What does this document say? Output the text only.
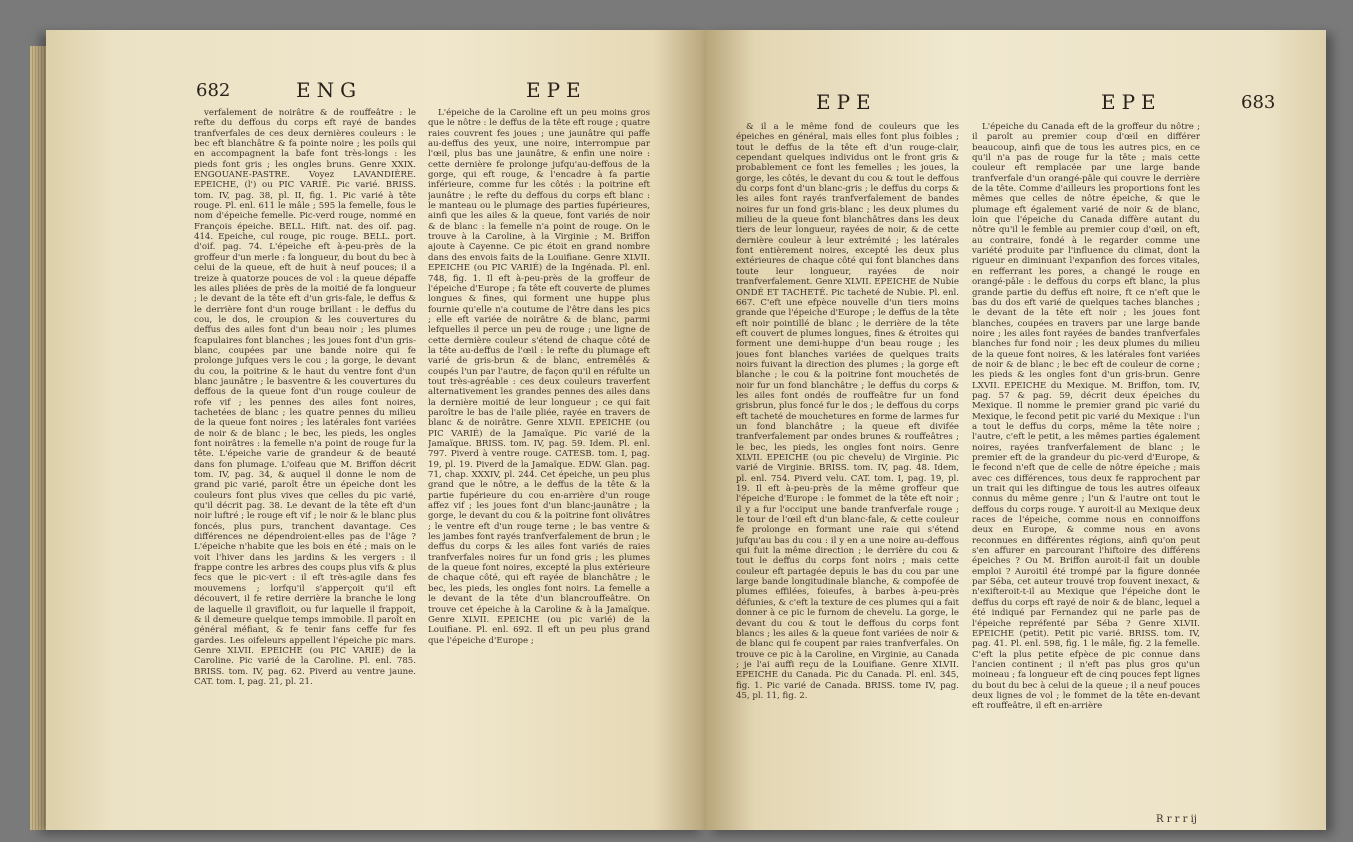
682	ENG	EPE

verfalement de noirâtre & de rouffeâtre : le refte du deffous du corps eft rayé de bandes tranfverfales de ces deux dernières couleurs : le bec eft blanchâtre & fa pointe noire ; les poils qui en accompagnent la bafe font très-longs : les pieds font gris ; les ongles bruns. Genre XXIX. ENGOUANE-PASTRE. Voyez LAVANDIÈRE. EPEICHE, (l') ou PIC VARIÉ. Pic varié. BRISS. tom. IV, pag. 38, pl. II, fig. 1. Pic varié à tête rouge. Pl. enl. 611 le mâle ; 595 la femelle, fous le nom d'épeiche femelle. Pic-verd rouge, nommé en François épeiche. BELL. Hift. nat. des oif. pag. 414. Epeiche, cul rouge, pic rouge. BELL. port. d'oif. pag. 74. L'épeiche eft à-peu-près de la groffeur d'un merle : fa longueur, du bout du bec à celui de la queue, eft de huit à neuf pouces; il a treize à quatorze pouces de vol : la queue dépaffe les ailes pliées de près de la moitié de fa longueur ; le devant de la tête eft d'un gris-fale, le deffus & le derrière font d'un rouge brillant : le deffus du cou, le dos, le croupion & les couvertures du deffus des ailes font d'un beau noir ; les plumes fcapulaires font blanches ; les joues font d'un gris-blanc, coupées par une bande noire qui fe prolonge jufques vers le cou ; la gorge, le devant du cou, la poitrine & le haut du ventre font d'un blanc jaunâtre ; le basventre & les couvertures du deffous de la queue font d'un rouge couleur de rofe vif ; les pennes des ailes font noires, tachetées de blanc ; les quatre pennes du milieu de la queue font noires ; les latérales font variées de noir & de blanc ; le bec, les pieds, les ongles font noirâtres : la femelle n'a point de rouge fur la tête. L'épeiche varie de grandeur & de beauté dans fon plumage. L'oifeau que M. Briffon décrit tom. IV, pag. 34, & auquel il donne le nom de grand pic varié, paroît être un épeiche dont les couleurs font plus vives que celles du pic varié, qu'il décrit pag. 38. Le devant de la tête eft d'un noir luftré ; le rouge eft vif ; le noir & le blanc plus foncés, plus purs, tranchent davantage. Ces différences ne dépendroient-elles pas de l'âge ? L'épeiche n'habite que les bois en été ; mais on le voit l'hiver dans les jardins & les vergers : il frappe contre les arbres des coups plus vifs & plus fecs que le pic-vert : il eft très-agile dans fes mouvemens ; lorfqu'il s'apperçoit qu'il eft découvert, il fe retire derrière la branche le long de laquelle il gravifloit, ou fur laquelle il frappoit, & il demeure quelque temps immobile. Il paroît en général méfiant, & fe tenir fans ceffe fur fes gardes. Les oifeleurs appellent l'épeiche pic mars. Genre XLVII. EPEICHE (ou PIC VARIÉ) de la Caroline. Pic varié de la Caroline. Pl. enl. 785. BRISS. tom. IV, pag. 62. Piverd au ventre jaune. CAT. tom. I, pag. 21, pl. 21.

L'épeiche de la Caroline eft un peu moins gros que le nôtre : le deffus de la tête eft rouge ; quatre raies couvrent fes joues ; une jaunâtre qui paffe au-deffus des yeux, une noire, interrompue par l'œil, plus bas une jaunâtre, & enfin une noire : cette dernière fe prolonge jufqu'au-deffous de la gorge, qui eft rouge, & l'encadre à fa partie inférieure, comme fur les côtés : la poitrine eft jaunâtre ; le refte du deffous du corps eft blanc : le manteau ou le plumage des parties fupérieures, ainfi que les ailes & la queue, font variés de noir & de blanc : la femelle n'a point de rouge. On le trouve à la Caroline, à la Virginie ; M. Briffon ajoute à Cayenne. Ce pic étoit en grand nombre dans des envois faits de la Louifiane. Genre XLVII. EPEICHE (ou PIC VARIÉ) de la Ingénada. Pl. enl. 748, fig. 1. Il eft à-peu-près de la groffeur de l'épeiche d'Europe ; fa tête eft couverte de plumes longues & fines, qui forment une huppe plus fournie qu'elle n'a coutume de l'être dans les pics ; elle eft variée de noirâtre & de blanc, parmi lefquelles il perce un peu de rouge ; une ligne de cette dernière couleur s'étend de chaque côté de la tête au-deffus de l'œil : le refte du plumage eft varié de gris-brun & de blanc, entremêlés & coupés l'un par l'autre, de façon qu'il en réfulte un tout très-agréable : ces deux couleurs traverfent alternativement les grandes pennes des ailes dans la dernière moitié de leur longueur ; ce qui fait paroître le bas de l'aile pliée, rayée en travers de blanc & de noirâtre. Genre XLVII. EPEICHE (ou PIC VARIÉ) de la Jamaïque. Pic varié de la Jamaïque. BRISS. tom. IV, pag. 59. Idem. Pl. enl. 797. Piverd à ventre rouge. CATESB. tom. I, pag. 19, pl. 19. Piverd de la Jamaïque. EDW. Glan. pag. 71, chap. XXXIV, pl. 244. Cet épeiche, un peu plus grand que le nôtre, a le deffus de la tête & la partie fupérieure du cou en-arrière d'un rouge affez vif ; les joues font d'un blanc-jaunâtre ; la gorge, le devant du cou & la poitrine font olivâtres ; le ventre eft d'un rouge terne ; le bas ventre & les jambes font rayés tranfverfalement de brun ; le deffus du corps & les ailes font variés de raies tranfverfales noires fur un fond gris ; les plumes de la queue font noires, excepté la plus extérieure de chaque côté, qui eft rayée de blanchâtre ; le bec, les pieds, les ongles font noirs. La femelle a le devant de la tête d'un blancrouffeâtre. On trouve cet épeiche à la Caroline & à la Jamaïque. Genre XLVII. EPEICHE (ou pic varié) de la Louifiane. Pl. enl. 692. Il eft un peu plus grand que l'épeiche d'Europe ;

EPE	EPE	683

& il a le même fond de couleurs que les épeiches en général, mais elles font plus foibles ; tout le deffus de la tête eft d'un rouge-clair, cependant quelques individus ont le front gris & probablement ce font les femelles ; les joues, la gorge, les côtés, le devant du cou & tout le deffous du corps font d'un blanc-gris ; le deffus du corps & les ailes font rayés tranfverfalement de bandes noires fur un fond gris-blanc ; les deux plumes du milieu de la queue font blanchâtres dans les deux tiers de leur longueur, rayées de noir, & de cette dernière couleur à leur extrémité ; les latérales font entièrement noires, excepté les deux plus extérieures de chaque côté qui font blanches dans toute leur longueur, rayées de noir tranfverfalement. Genre XLVII. EPEICHE de Nubie ONDÉ ET TACHETÉ. Pic tacheté de Nubie. Pl. enl. 667. C'eft une efpèce nouvelle d'un tiers moins grande que l'épeiche d'Europe ; le deffus de la tête eft noir pointillé de blanc ; le derrière de la tête eft couvert de plumes longues, fines & étroites qui forment une demi-huppe d'un beau rouge ; les joues font blanches variées de quelques traits noirs fuivant la direction des plumes ; la gorge eft blanche ; le cou & la poitrine font mouchetés de noir fur un fond blanchâtre ; le deffus du corps & les ailes font ondés de rouffeâtre fur un fond grisbrun, plus foncé fur le dos ; le deffous du corps eft tacheté de mouchetures en forme de larmes fur un fond blanchâtre ; la queue eft divifée tranfverfalement par ondes brunes & rouffeâtres ; le bec, les pieds, les ongles font noirs. Genre XLVII. EPEICHE (ou pic chevelu) de Virginie. Pic varié de Virginie. BRISS. tom. IV, pag. 48. Idem, pl. enl. 754. Piverd velu. CAT. tom. I, pag. 19, pl. 19. Il eft à-peu-près de la même groffeur que l'épeiche d'Europe : le fommet de la tête eft noir ; il y a fur l'occiput une bande tranfverfale rouge ; le tour de l'œil eft d'un blanc-fale, & cette couleur fe prolonge en formant une raie qui s'étend jufqu'au bas du cou : il y en a une noire au-deffous qui fuit la même direction ; le derrière du cou & tout le deffus du corps font noirs ; mais cette couleur eft partagée depuis le bas du cou par une large bande longitudinale blanche, & compofée de plumes effilées, foieufes, à barbes à-peu-près défunies, & c'eft la texture de ces plumes qui a fait donner à ce pic le furnom de chevelu. La gorge, le devant du cou & tout le deffous du corps font blancs ; les ailes & la queue font variées de noir & de blanc qui fe coupent par raies tranfverfales. On trouve ce pic à la Caroline, en Virginie, au Canada ; je l'ai auffi reçu de la Louifiane. Genre XLVII. EPEICHE du Canada. Pic du Canada. Pl. enl. 345, fig. 1. Pic varié de Canada. BRISS. tome IV, pag. 45, pl. 11, fig. 2.

L'épeiche du Canada eft de la groffeur du nôtre ; il paroît au premier coup d'œil en différer beaucoup, ainfi que de tous les autres pics, en ce qu'il n'a pas de rouge fur la tête ; mais cette couleur eft remplacée par une large bande tranfverfale d'un orangé-pâle qui couvre le derrière de la tête. Comme d'ailleurs les proportions font les mêmes que celles de nôtre épeiche, & que le plumage eft également varié de noir & de blanc, loin que l'épeiche du Canada diffère autant du nôtre qu'il le femble au premier coup d'œil, on eft, au contraire, fondé à le regarder comme une variété produite par l'influence du climat, dont la rigueur en diminuant l'expanfion des forces vitales, en refferrant les pores, a changé le rouge en orangé-pâle : le deffous du corps eft blanc, la plus grande partie du deffus eft noire, ft ce n'eft que le bas du dos eft varié de quelques taches blanches ; le devant de la tête eft noir ; les joues font blanches, coupées en travers par une large bande noire ; les ailes font rayées de bandes tranfverfales blanches fur fond noir ; les deux plumes du milieu de la queue font noires, & les latérales font variées de noir & de blanc ; le bec eft de couleur de corne ; les pieds & les ongles font d'un gris-brun. Genre LXVII. EPEICHE du Mexique. M. Briffon, tom. IV, pag. 57 & pag. 59, décrit deux épeiches du Mexique. Il nomme le premier grand pic varié du Mexique, le fecond petit pic varié du Mexique : l'un a tout le deffus du corps, même la tête noire ; l'autre, c'eft le petit, a les mêmes parties également noires, rayées tranfverfalement de blanc ; le premier eft de la grandeur du pic-verd d'Europe, & le fecond n'eft que de celle de nôtre épeiche ; mais avec ces différences, tous deux fe rapprochent par un trait qui les diftingue de tous les autres oifeaux connus du même genre ; l'un & l'autre ont tout le deffous du corps rouge. Y auroit-il au Mexique deux races de l'épeiche, comme nous en connoiffons deux en Europe, & comme nous en avons reconnues en différentes régions, ainfi qu'on peut s'en affurer en parcourant l'hiftoire des différens épeiches ? Ou M. Briffon auroit-il fait un double emploi ? Auroitil été trompé par la figure donnée par Séba, cet auteur trouvé trop fouvent inexact, & n'exifteroit-t-il au Mexique que l'épeiche dont le deffus du corps eft rayé de noir & de blanc, lequel a été indiqué par Fernandez qui ne parle pas de l'épeiche repréfenté par Séba ? Genre XLVII. EPEICHE (petit). Petit pic varié. BRISS. tom. IV, pag. 41. Pl. enl. 598, fig. 1 le mâle, fig. 2 la femelle. C'eft la plus petite efpèce de pic connue dans l'ancien continent ; il n'eft pas plus gros qu'un moineau ; fa longueur eft de cinq pouces fept lignes du bout du bec à celui de la queue ; il a neuf pouces deux lignes de vol ; le fommet de la tête en-devant eft rouffeâtre, il eft en-arrière

R r r r ij
